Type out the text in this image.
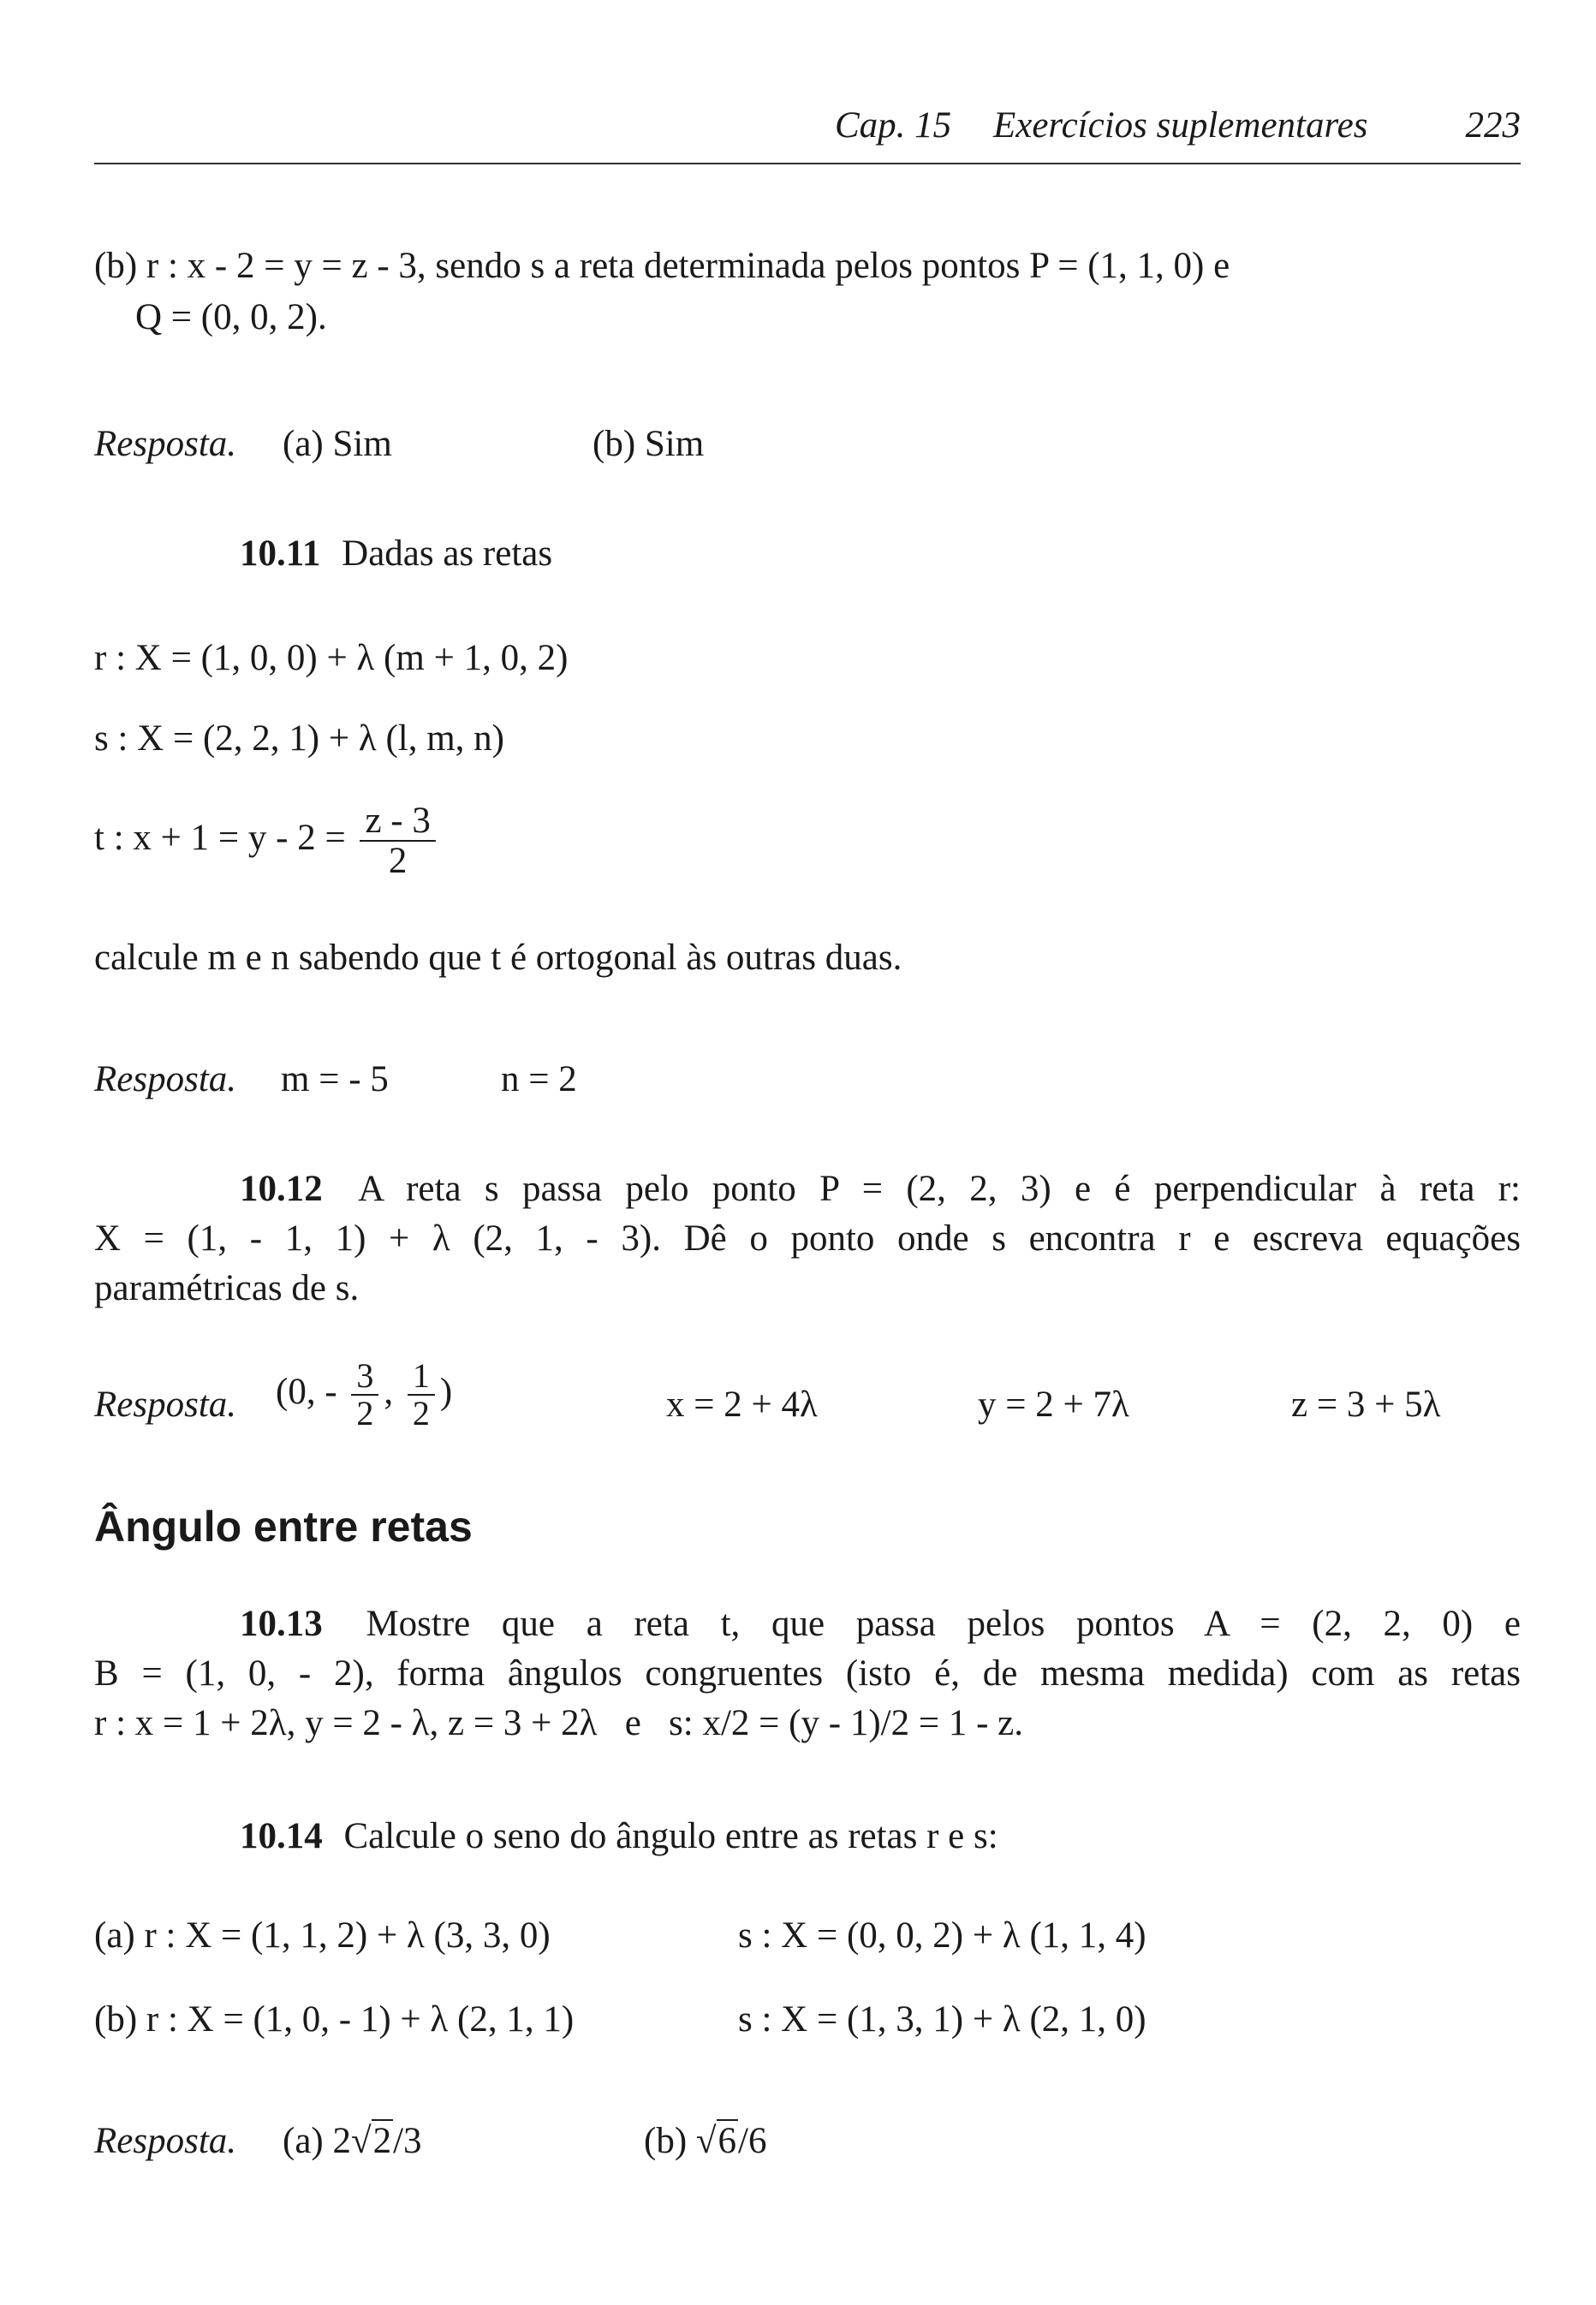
Cap. 15 Exercícios suplementares	223
(b) r : x - 2 = y = z - 3, sendo s a reta determinada pelos pontos P = (1, 1, 0) e
Q = (0, 0, 2).
Resposta. (a) Sim	(b) Sim
10.11 Dadas as retas
r : X = (1, 0, 0) + λ (m + 1, 0, 2)
s : X = (2, 2, 1) + λ (l, m, n)
t : $x + 1 = y - 2 = \frac{z - 3}{2}$
calcule m e n sabendo que t é ortogonal às outras duas.
Resposta. m = - 5	n = 2
10.12 A reta s passa pelo ponto P = (2, 2, 3) e é perpendicular à reta r:
X = (1, - 1, 1) + λ (2, 1, - 3). Dê o ponto onde s encontra r e escreva equações
paramétricas de s.
Resposta. (0, - $\frac{3}{2}$ , $\frac{1}{2}$ )	x = 2 + 4λ	y = 2 + 7λ	z = 3 + 5λ
Ângulo entre retas
10.13 Mostre que a reta t, que passa pelos pontos A = (2, 2, 0) e
B = (1, 0, - 2), forma ângulos congruentes (isto é, de mesma medida) com as retas
r : x = 1 + 2λ, y = 2 - λ, z = 3 + 2λ   e   s: x/2 = (y - 1)/2 = 1 - z.
10.14 Calcule o seno do ângulo entre as retas r e s:
(a) r : X = (1, 1, 2) + λ (3, 3, 0)	s : X = (0, 0, 2) + λ (1, 1, 4)
(b) r : X = (1, 0, - 1) + λ (2, 1, 1)	s : X = (1, 3, 1) + λ (2, 1, 0)
Resposta. (a) 2√2/3	(b) √6/6
